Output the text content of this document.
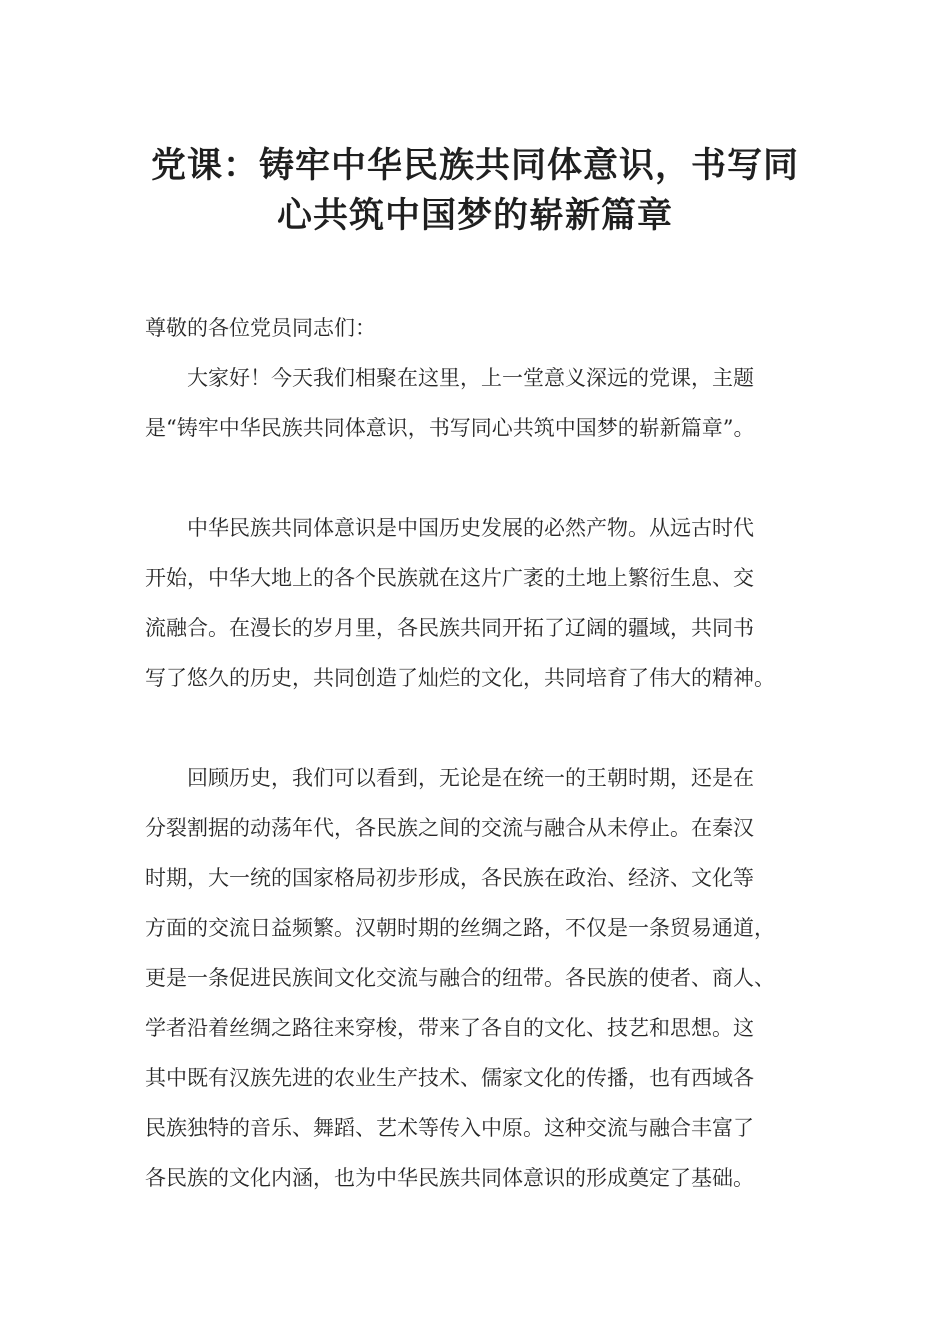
党课：铸牢中华民族共同体意识，书写同
心共筑中国梦的崭新篇章
尊敬的各位党员同志们：
　　大家好！今天我们相聚在这里，上一堂意义深远的党课，主题
是“铸牢中华民族共同体意识，书写同心共筑中国梦的崭新篇章”。
　　中华民族共同体意识是中国历史发展的必然产物。从远古时代
开始，中华大地上的各个民族就在这片广袤的土地上繁衍生息、交
流融合。在漫长的岁月里，各民族共同开拓了辽阔的疆域，共同书
写了悠久的历史，共同创造了灿烂的文化，共同培育了伟大的精神。
　　回顾历史，我们可以看到，无论是在统一的王朝时期，还是在
分裂割据的动荡年代，各民族之间的交流与融合从未停止。在秦汉
时期，大一统的国家格局初步形成，各民族在政治、经济、文化等
方面的交流日益频繁。汉朝时期的丝绸之路，不仅是一条贸易通道，
更是一条促进民族间文化交流与融合的纽带。各民族的使者、商人、
学者沿着丝绸之路往来穿梭，带来了各自的文化、技艺和思想。这
其中既有汉族先进的农业生产技术、儒家文化的传播，也有西域各
民族独特的音乐、舞蹈、艺术等传入中原。这种交流与融合丰富了
各民族的文化内涵，也为中华民族共同体意识的形成奠定了基础。
